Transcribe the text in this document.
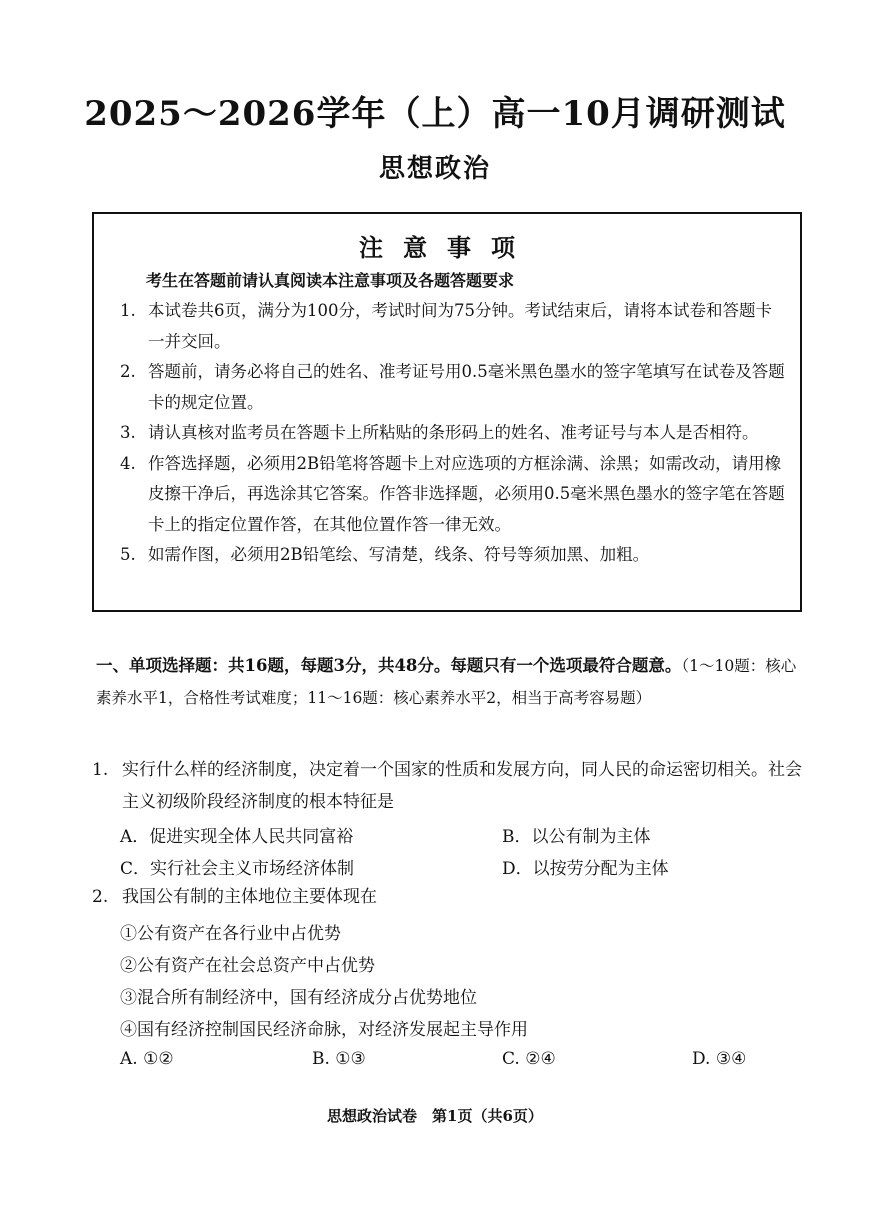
2025～2026学年（上）高一10月调研测试
思想政治
注意事项
考生在答题前请认真阅读本注意事项及各题答题要求
1. 本试卷共6页，满分为100分，考试时间为75分钟。考试结束后，请将本试卷和答题卡一并交回。
2. 答题前，请务必将自己的姓名、准考证号用0.5毫米黑色墨水的签字笔填写在试卷及答题卡的规定位置。
3. 请认真核对监考员在答题卡上所粘贴的条形码上的姓名、准考证号与本人是否相符。
4. 作答选择题，必须用2B铅笔将答题卡上对应选项的方框涂满、涂黑；如需改动，请用橡皮擦干净后，再选涂其它答案。作答非选择题，必须用0.5毫米黑色墨水的签字笔在答题卡上的指定位置作答，在其他位置作答一律无效。
5. 如需作图，必须用2B铅笔绘、写清楚，线条、符号等须加黑、加粗。
一、单项选择题：共16题，每题3分，共48分。每题只有一个选项最符合题意。（1～10题：核心素养水平1，合格性考试难度；11～16题：核心素养水平2，相当于高考容易题）
1. 实行什么样的经济制度，决定着一个国家的性质和发展方向，同人民的命运密切相关。社会主义初级阶段经济制度的根本特征是
A．促进实现全体人民共同富裕	B．以公有制为主体
C．实行社会主义市场经济体制	D．以按劳分配为主体
2. 我国公有制的主体地位主要体现在
①公有资产在各行业中占优势
②公有资产在社会总资产中占优势
③混合所有制经济中，国有经济成分占优势地位
④国有经济控制国民经济命脉，对经济发展起主导作用
A. ①②	B. ①③	C. ②④	D. ③④
思想政治试卷　第1页（共6页）
